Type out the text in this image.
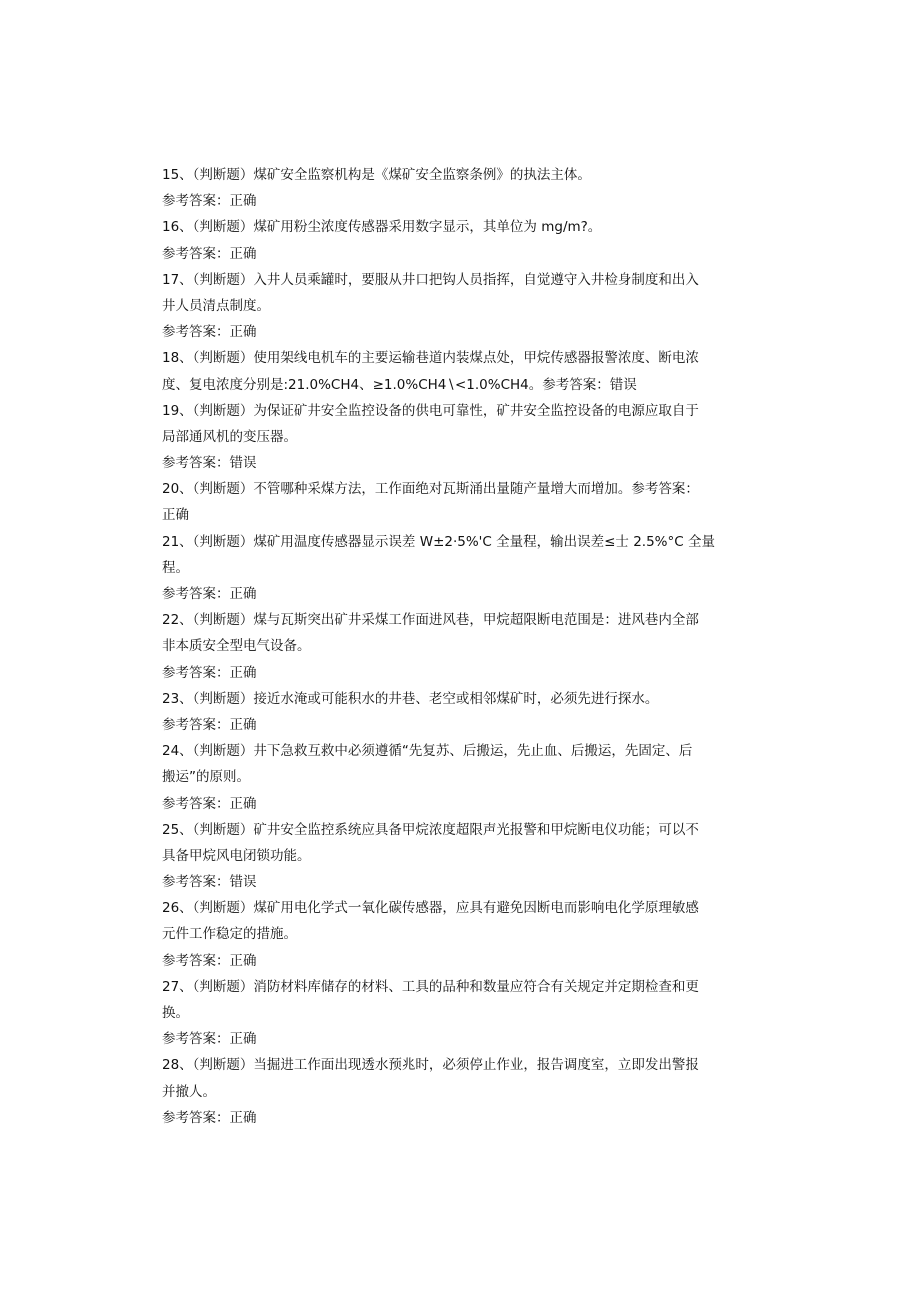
15、（判断题）煤矿安全监察机构是《煤矿安全监察条例》的执法主体。
参考答案：正确
16、（判断题）煤矿用粉尘浓度传感器采用数字显示，其单位为 mg/m?。
参考答案：正确
17、（判断题）入井人员乘罐时，要服从井口把钩人员指挥，自觉遵守入井检身制度和出入
井人员清点制度。
参考答案：正确
18、（判断题）使用架线电机车的主要运输巷道内装煤点处，甲烷传感器报警浓度、断电浓
度、复电浓度分别是:21.0%CH4、≥1.0%CH4∖<1.0%CH4。参考答案：错误
19、（判断题）为保证矿井安全监控设备的供电可靠性，矿井安全监控设备的电源应取自于
局部通风机的变压器。
参考答案：错误
20、（判断题）不管哪种采煤方法，工作面绝对瓦斯涌出量随产量增大而增加。参考答案：
正确
21、（判断题）煤矿用温度传感器显示误差 W±2·5%'C 全量程，输出误差≤士 2.5%°C 全量
程。
参考答案：正确
22、（判断题）煤与瓦斯突出矿井采煤工作面进风巷，甲烷超限断电范围是：进风巷内全部
非本质安全型电气设备。
参考答案：正确
23、（判断题）接近水淹或可能积水的井巷、老空或相邻煤矿时，必须先进行探水。
参考答案：正确
24、（判断题）井下急救互救中必须遵循“先复苏、后搬运，先止血、后搬运，先固定、后
搬运”的原则。
参考答案：正确
25、（判断题）矿井安全监控系统应具备甲烷浓度超限声光报警和甲烷断电仪功能；可以不
具备甲烷风电闭锁功能。
参考答案：错误
26、（判断题）煤矿用电化学式一氧化碳传感器，应具有避免因断电而影响电化学原理敏感
元件工作稳定的措施。
参考答案：正确
27、（判断题）消防材料库储存的材料、工具的品种和数量应符合有关规定并定期检查和更
换。
参考答案：正确
28、（判断题）当掘进工作面出现透水预兆时，必须停止作业，报告调度室，立即发出警报
并撤人。
参考答案：正确
